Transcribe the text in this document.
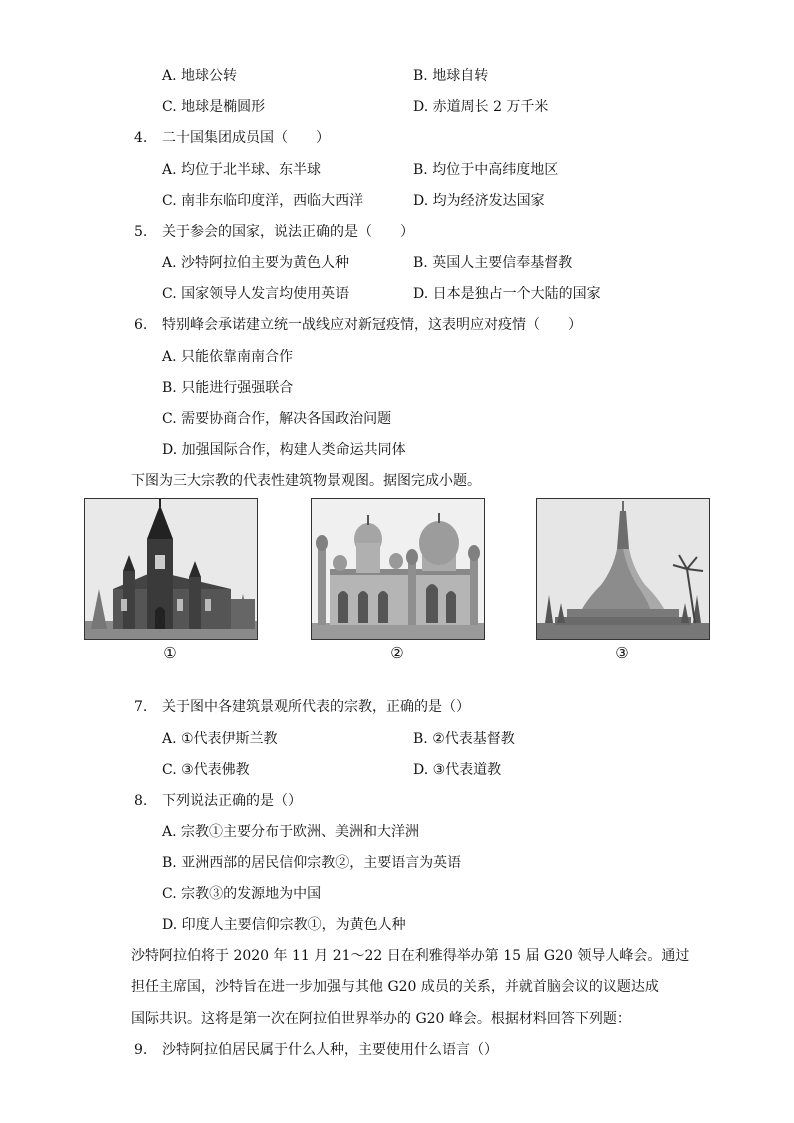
A. 地球公转	B. 地球自转
C. 地球是椭圆形	D. 赤道周长 2 万千米
4. 二十国集团成员国（　　）
A. 均位于北半球、东半球	B. 均位于中高纬度地区
C. 南非东临印度洋，西临大西洋	D. 均为经济发达国家
5. 关于参会的国家，说法正确的是（　　）
A. 沙特阿拉伯主要为黄色人种	B. 英国人主要信奉基督教
C. 国家领导人发言均使用英语	D. 日本是独占一个大陆的国家
6. 特别峰会承诺建立统一战线应对新冠疫情，这表明应对疫情（　　）
A. 只能依靠南南合作
B. 只能进行强强联合
C. 需要协商合作，解决各国政治问题
D. 加强国际合作，构建人类命运共同体
下图为三大宗教的代表性建筑物景观图。据图完成小题。
①	②	③
7. 关于图中各建筑景观所代表的宗教，正确的是（）
A. ①代表伊斯兰教	B. ②代表基督教
C. ③代表佛教	D. ③代表道教
8. 下列说法正确的是（）
A. 宗教①主要分布于欧洲、美洲和大洋洲
B. 亚洲西部的居民信仰宗教②，主要语言为英语
C. 宗教③的发源地为中国
D. 印度人主要信仰宗教①，为黄色人种
沙特阿拉伯将于 2020 年 11 月 21～22 日在利雅得举办第 15 届 G20 领导人峰会。通过
担任主席国，沙特旨在进一步加强与其他 G20 成员的关系，并就首脑会议的议题达成
国际共识。这将是第一次在阿拉伯世界举办的 G20 峰会。根据材料回答下列题：
9. 沙特阿拉伯居民属于什么人种，主要使用什么语言（）
